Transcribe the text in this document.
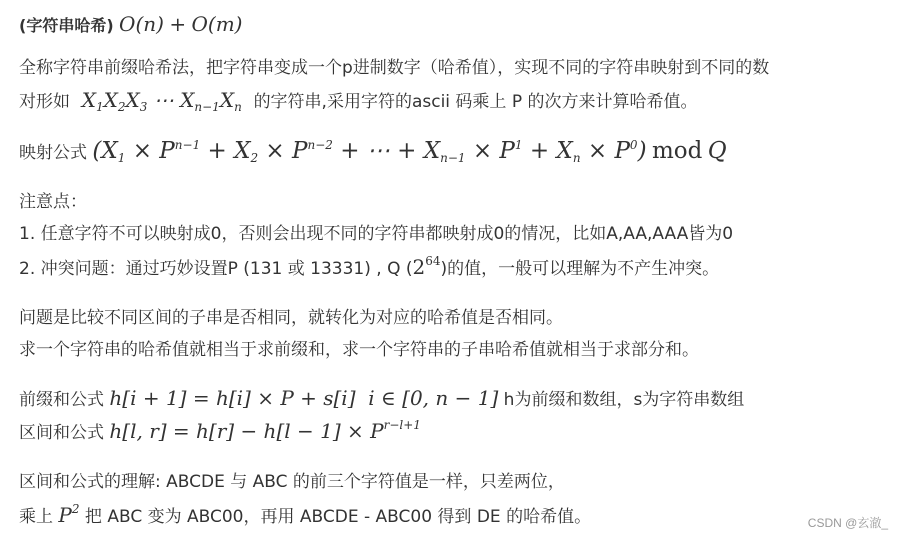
(字符串哈希) O(n) + O(m)
全称字符串前缀哈希法，把字符串变成一个p进制数字（哈希值），实现不同的字符串映射到不同的数
对形如  $X_1X_2X_3$ ⋯ $X_{n-1}X_n$ 的字符串,采用字符的ascii 码乘上 P 的次方来计算哈希值。
映射公式 ($X_1 \times P^{n-1} + X_2 \times P^{n-2}$ + ⋯ + $X_{n-1} \times P^1 + X_n \times P^0$) mod Q
注意点：
1. 任意字符不可以映射成0，否则会出现不同的字符串都映射成0的情况，比如A,AA,AAA皆为0
2. 冲突问题：通过巧妙设置P (131 或 13331) , Q $(2^{64})$的值，一般可以理解为不产生冲突。
问题是比较不同区间的子串是否相同，就转化为对应的哈希值是否相同。
求一个字符串的哈希值就相当于求前缀和，求一个字符串的子串哈希值就相当于求部分和。
前缀和公式 h[i + 1] = h[i] × P + s[i]  i ∈ [0, n − 1] h为前缀和数组，s为字符串数组
区间和公式 h[l, $r] = h[r] - h[l - 1] \times P^{r-l+1}$
区间和公式的理解: ABCDE 与 ABC 的前三个字符值是一样，只差两位，
乘上 $P^2$ 把 ABC 变为 ABC00，再用 ABCDE - ABC00 得到 DE 的哈希值。	CSDN @玄澈_
